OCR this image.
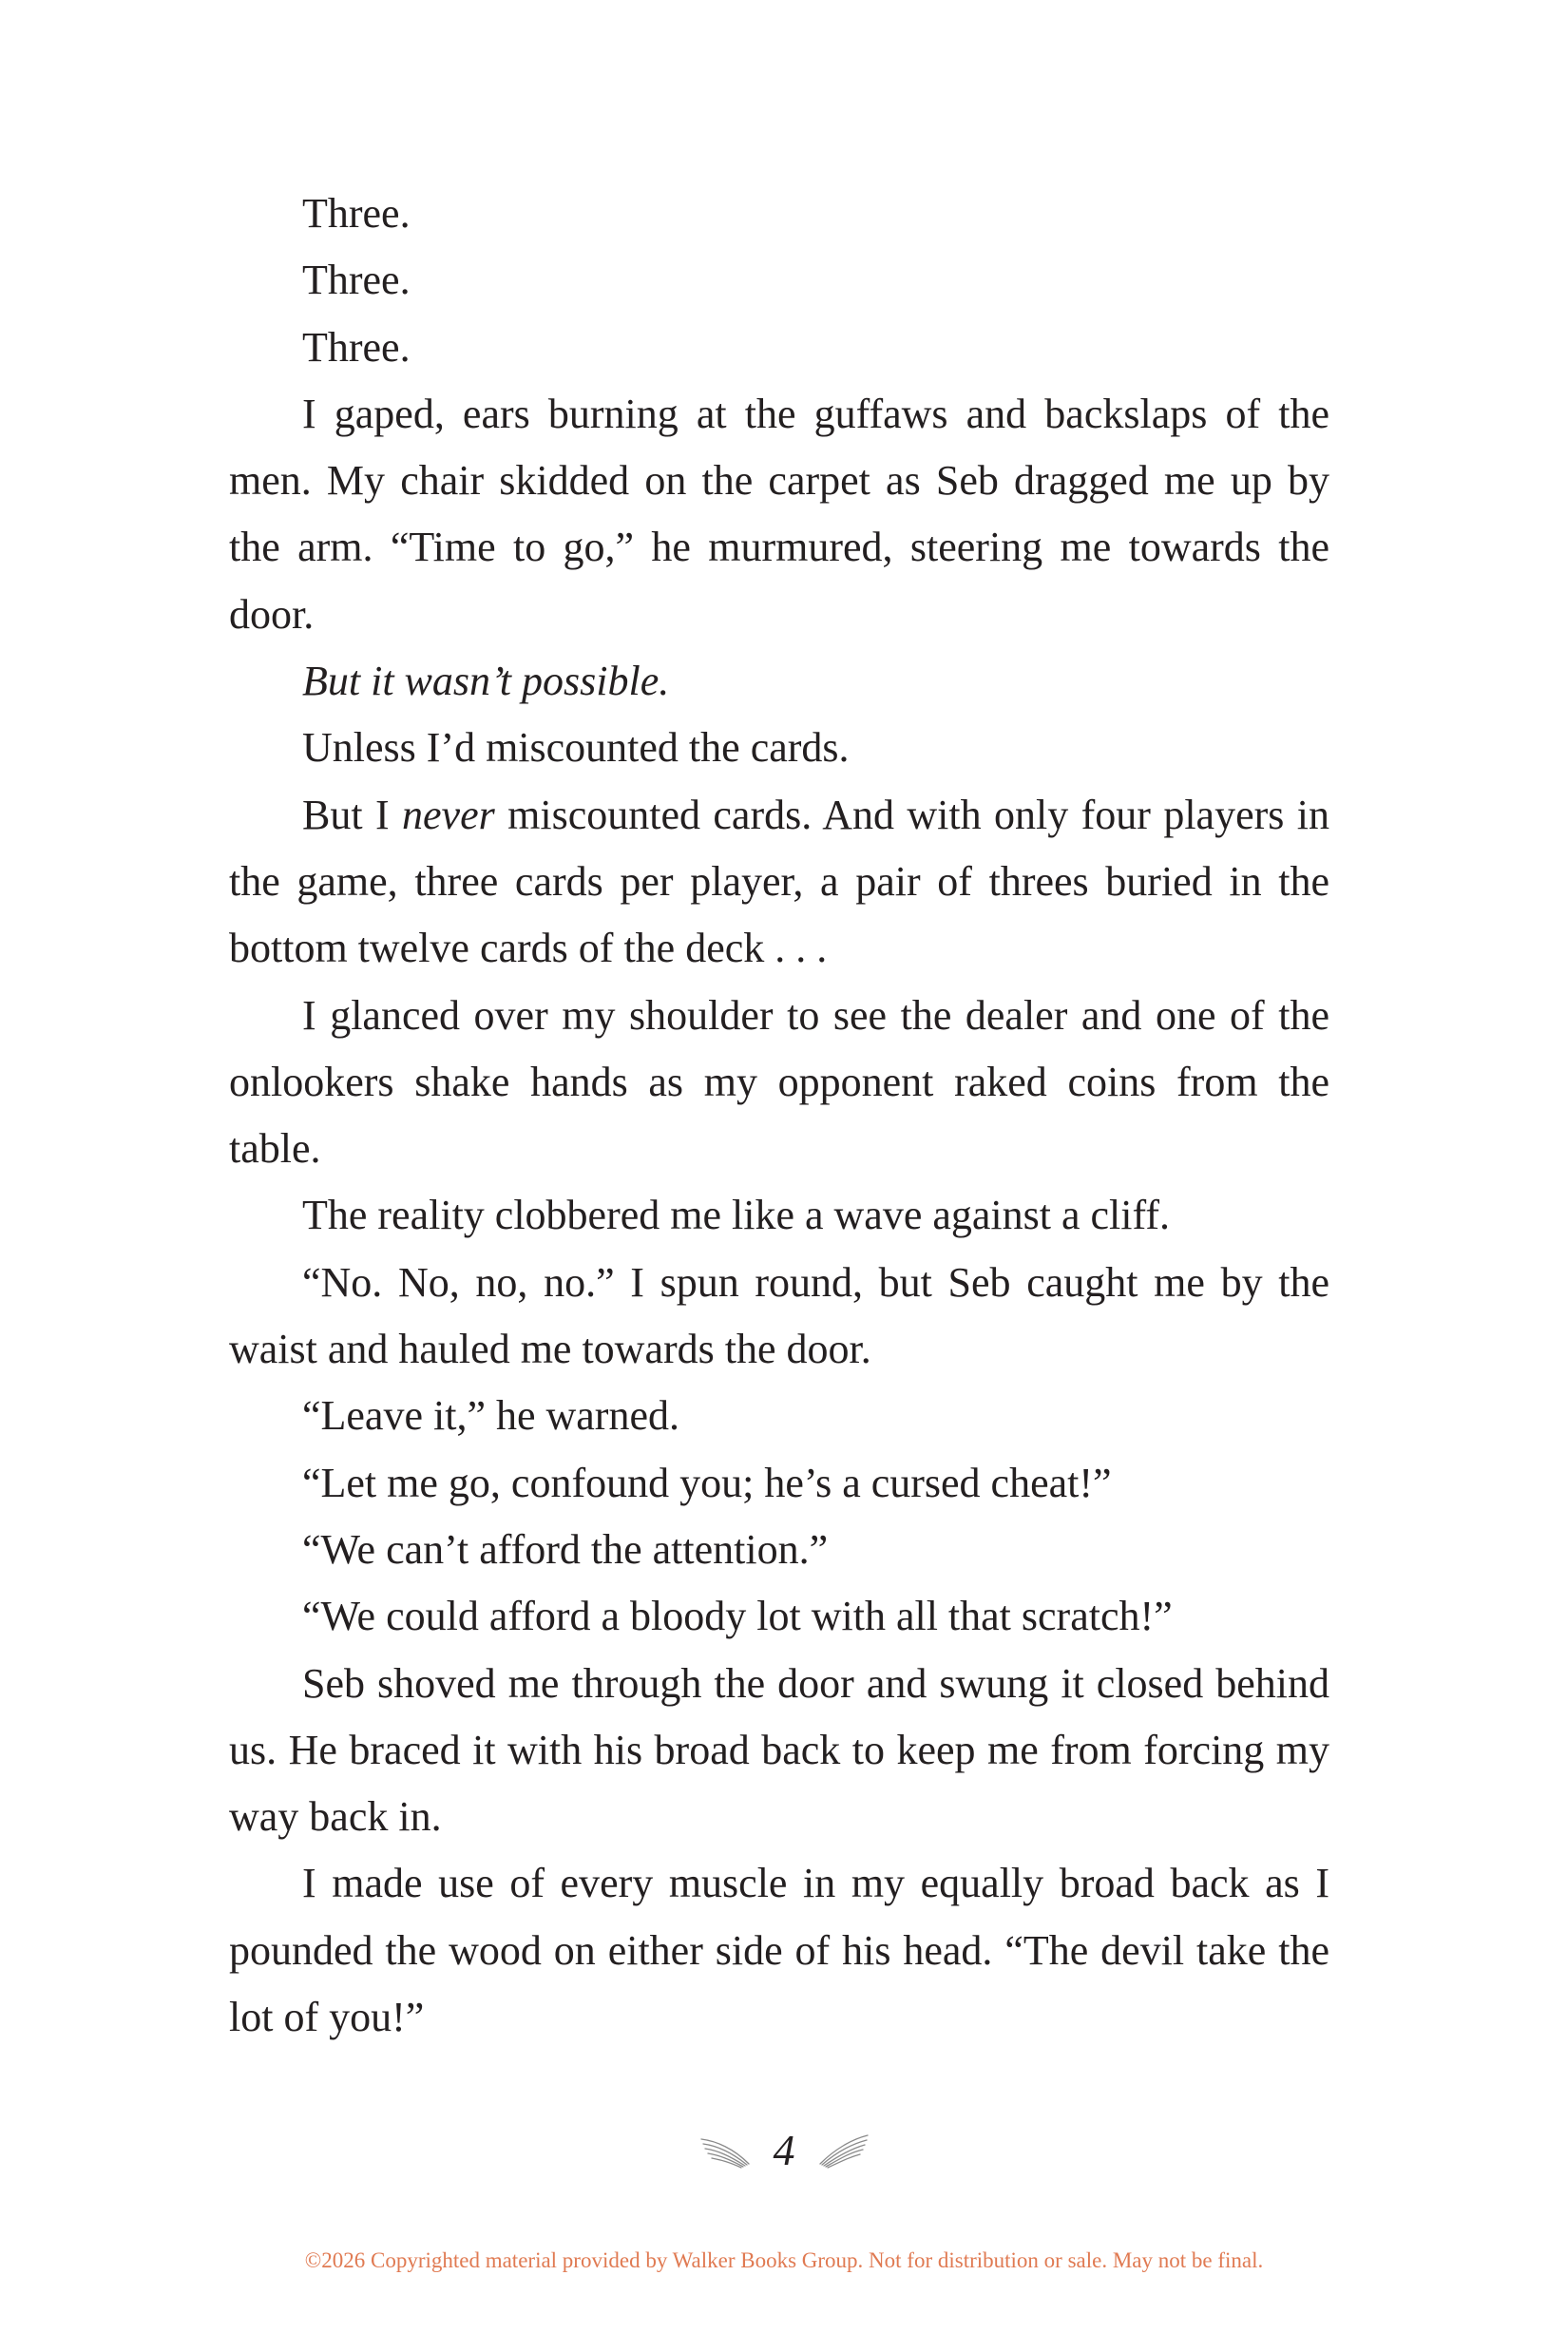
Three.

Three.

Three.

I gaped, ears burning at the guffaws and backslaps of the men. My chair skidded on the carpet as Seb dragged me up by the arm. “Time to go,” he murmured, steering me towards the door.

But it wasn’t possible.

Unless I’d miscounted the cards.

But I never miscounted cards. And with only four players in the game, three cards per player, a pair of threes buried in the bottom twelve cards of the deck . . .

I glanced over my shoulder to see the dealer and one of the onlookers shake hands as my opponent raked coins from the table.

The reality clobbered me like a wave against a cliff.

“No. No, no, no.” I spun round, but Seb caught me by the waist and hauled me towards the door.

“Leave it,” he warned.

“Let me go, confound you; he’s a cursed cheat!”

“We can’t afford the attention.”

“We could afford a bloody lot with all that scratch!”

Seb shoved me through the door and swung it closed behind us. He braced it with his broad back to keep me from forcing my way back in.

I made use of every muscle in my equally broad back as I pounded the wood on either side of his head. “The devil take the lot of you!”

4
©2026 Copyrighted material provided by Walker Books Group. Not for distribution or sale. May not be final.
